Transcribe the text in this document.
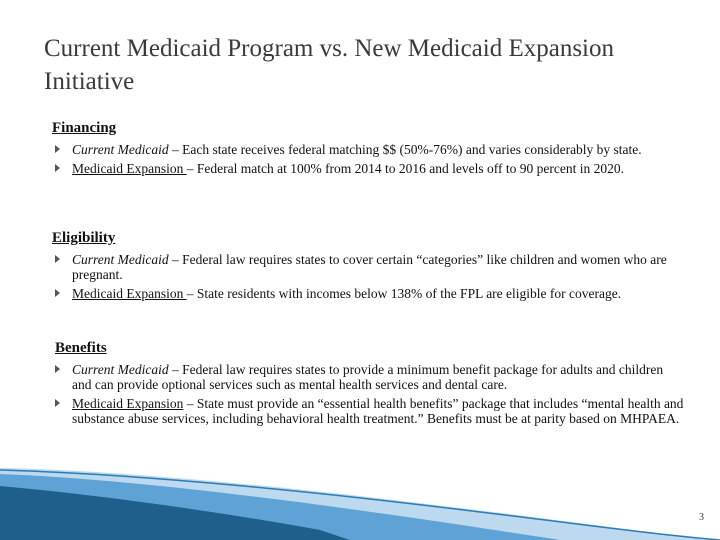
Current Medicaid Program vs. New Medicaid Expansion Initiative
Financing
Current Medicaid – Each state receives federal matching $$ (50%-76%) and varies considerably by state.
Medicaid Expansion – Federal match at 100% from 2014 to 2016 and levels off to 90 percent in 2020.
Eligibility
Current Medicaid – Federal law requires states to cover certain “categories” like children and women who are pregnant.
Medicaid Expansion – State residents with incomes below 138% of the FPL are eligible for coverage.
Benefits
Current Medicaid – Federal law requires states to provide a minimum benefit package for adults and children and can provide optional services such as mental health services and dental care.
Medicaid Expansion – State must provide an “essential health benefits” package that includes “mental health and substance abuse services, including behavioral health treatment.” Benefits must be at parity based on MHPAEA.
3
